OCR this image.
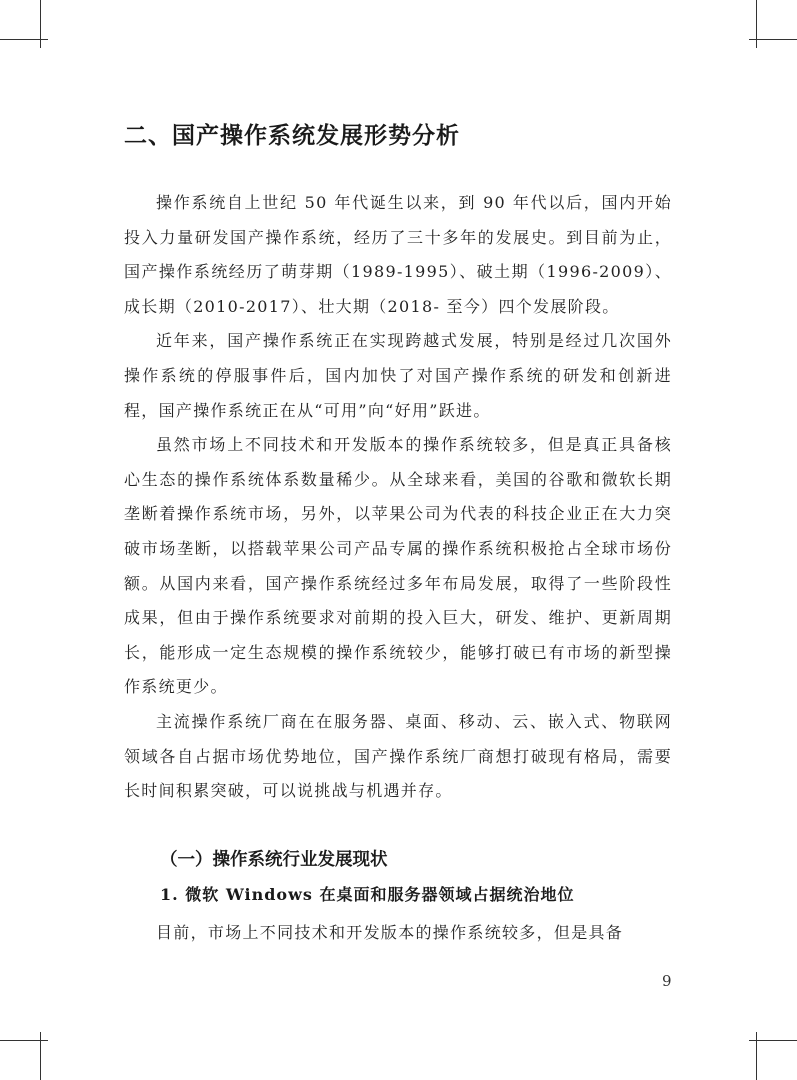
二、国产操作系统发展形势分析

操作系统自上世纪 50 年代诞生以来，到 90 年代以后，国内开始投入力量研发国产操作系统，经历了三十多年的发展史。到目前为止，国产操作系统经历了萌芽期（1989-1995）、破土期（1996-2009）、成长期（2010-2017）、壮大期（2018- 至今）四个发展阶段。

近年来，国产操作系统正在实现跨越式发展，特别是经过几次国外操作系统的停服事件后，国内加快了对国产操作系统的研发和创新进程，国产操作系统正在从“可用”向“好用”跃进。

虽然市场上不同技术和开发版本的操作系统较多，但是真正具备核心生态的操作系统体系数量稀少。从全球来看，美国的谷歌和微软长期垄断着操作系统市场，另外，以苹果公司为代表的科技企业正在大力突破市场垄断，以搭载苹果公司产品专属的操作系统积极抢占全球市场份额。从国内来看，国产操作系统经过多年布局发展，取得了一些阶段性成果，但由于操作系统要求对前期的投入巨大，研发、维护、更新周期长，能形成一定生态规模的操作系统较少，能够打破已有市场的新型操作系统更少。

主流操作系统厂商在在服务器、桌面、移动、云、嵌入式、物联网领域各自占据市场优势地位，国产操作系统厂商想打破现有格局，需要长时间积累突破，可以说挑战与机遇并存。

（一）操作系统行业发展现状
1. 微软 Windows 在桌面和服务器领域占据统治地位

目前，市场上不同技术和开发版本的操作系统较多，但是具备

9
